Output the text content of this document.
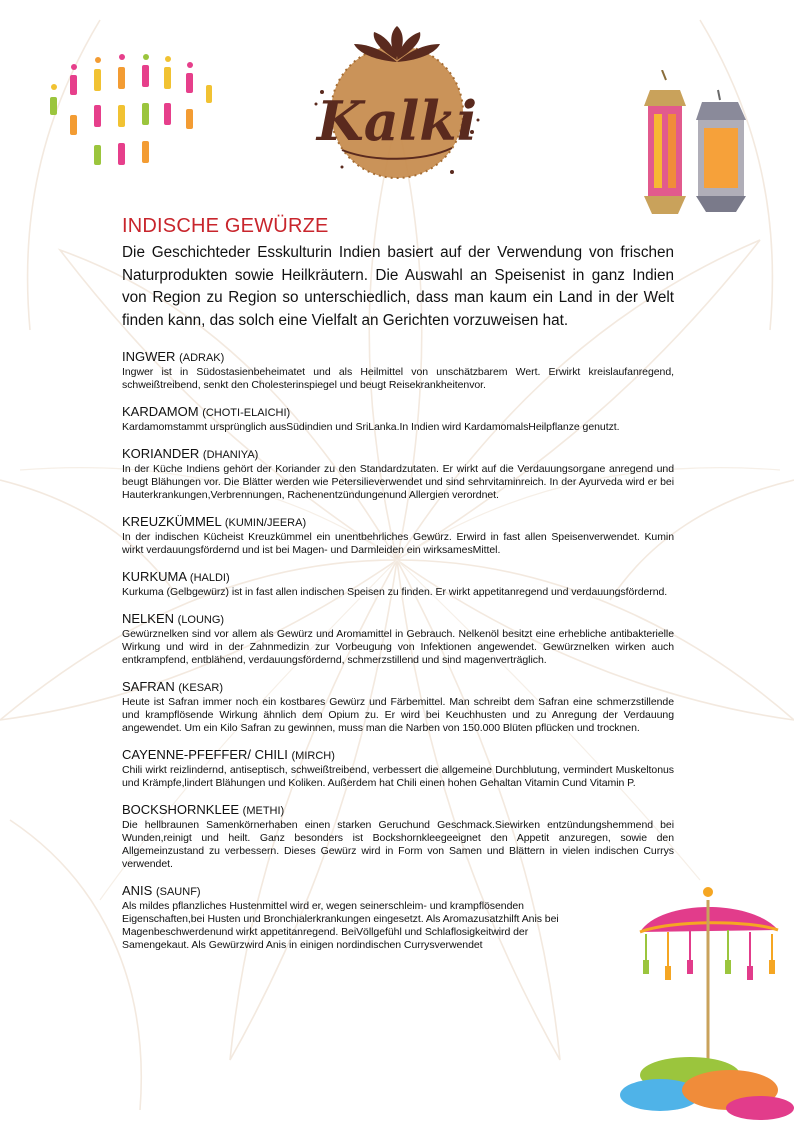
Kalki
INDISCHE GEWÜRZE

Die Geschichteder Esskulturin Indien basiert auf der Verwendung von frischen Naturprodukten sowie Heilkräutern. Die Auswahl an Speisenist in ganz Indien von Region zu Region so unterschiedlich, dass man kaum ein Land in der Welt finden kann, das solch eine Vielfalt an Gerichten vorzuweisen hat.

INGWER (ADRAK)

Ingwer ist in Südostasienbeheimatet und als Heilmittel von unschätzbarem Wert. Erwirkt kreislaufanregend, schweißtreibend, senkt den Cholesterinspiegel und beugt Reisekrankheitenvor.

KARDAMOM (CHOTI-ELAICHI)

Kardamomstammt ursprünglich ausSüdindien und SriLanka.In Indien wird KardamomalsHeilpflanze genutzt.

KORIANDER (DHANIYA)

In der Küche Indiens gehört der Koriander zu den Standardzutaten. Er wirkt auf die Verdauungsorgane anregend und beugt Blähungen vor. Die Blätter werden wie Petersilieverwendet und sind sehrvitaminreich. In der Ayurveda wird er bei Hauterkrankungen,Verbrennungen, Rachenentzündungenund Allergien verordnet.

KREUZKÜMMEL (KUMIN/JEERA)

In der indischen Kücheist Kreuzkümmel ein unentbehrliches Gewürz. Erwird in fast allen Speisenverwendet. Kumin wirkt verdauungsfördernd und ist bei Magen- und Darmleiden ein wirksamesMittel.

KURKUMA (HALDI)

Kurkuma (Gelbgewürz) ist in fast allen indischen Speisen zu finden. Er wirkt appetitanregend und verdauungsfördernd.

NELKEN (LOUNG)

Gewürznelken sind vor allem als Gewürz und Aromamittel in Gebrauch. Nelkenöl besitzt eine erhebliche antibakterielle Wirkung und wird in der Zahnmedizin zur Vorbeugung von Infektionen angewendet. Gewürznelken wirken auch entkrampfend, entblähend, verdauungsfördernd, schmerzstillend und sind magenverträglich.

SAFRAN (KESAR)

Heute ist Safran immer noch ein kostbares Gewürz und Färbemittel. Man schreibt dem Safran eine schmerzstillende und krampflösende Wirkung ähnlich dem Opium zu. Er wird bei Keuchhusten und zu Anregung der Verdauung angewendet. Um ein Kilo Safran zu gewinnen, muss man die Narben von 150.000 Blüten pflücken und trocknen.

CAYENNE-PFEFFER/ CHILI (MIRCH)

Chili wirkt reizlindernd, antiseptisch, schweißtreibend, verbessert die allgemeine Durchblutung, vermindert Muskeltonus und Krämpfe,lindert Blähungen und Koliken. Außerdem hat Chili einen hohen Gehaltan Vitamin Cund Vitamin P.

BOCKSHORNKLEE (METHI)

Die hellbraunen Samenkörnerhaben einen starken Geruchund Geschmack.Siewirken entzündungshemmend bei Wunden,reinigt und heilt. Ganz besonders ist Bockshornkleegeeignet den Appetit anzuregen, sowie den Allgemeinzustand zu verbessern. Dieses Gewürz wird in Form von Samen und Blättern in vielen indischen Currys verwendet.

ANIS (SAUNF)

Als mildes pflanzliches Hustenmittel wird er, wegen seinerschleim- und krampflösenden Eigenschaften,bei Husten und Bronchialerkrankungen eingesetzt. Als Aromazusatzhilft Anis bei Magenbeschwerdenund wirkt appetitanregend. BeiVöllgefühl und Schlaflosigkeitwird der Samengekaut. Als Gewürzwird Anis in einigen nordindischen Currysverwendet
